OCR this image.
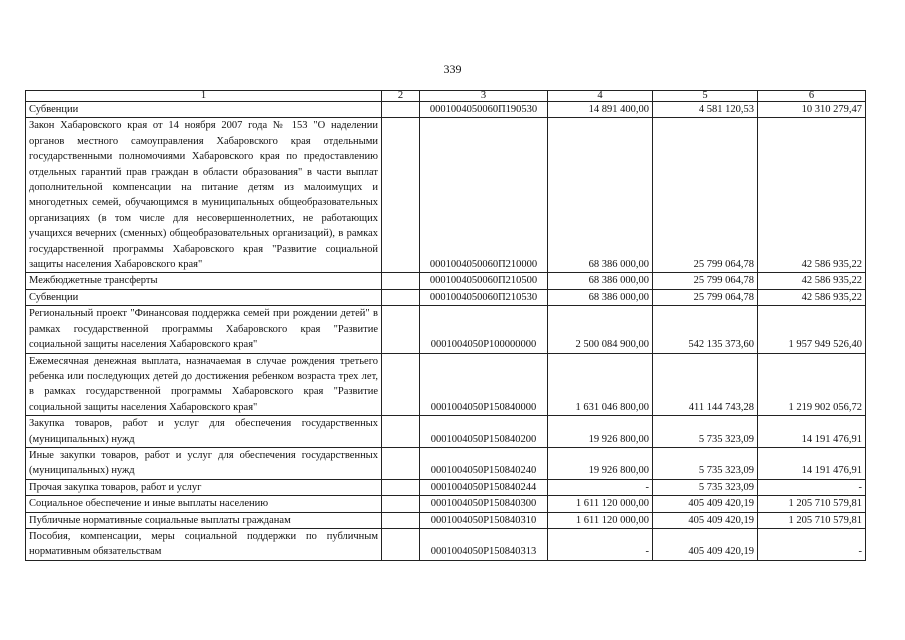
339
1	2	3	4	5	6
Субвенции		0001004050060П190530	14 891 400,00	4 581 120,53	10 310 279,47
Закон Хабаровского края от 14 ноября 2007 года № 153 "О наделении органов местного самоуправления Хабаровского края отдельными государственными полномочиями Хабаровского края по предоставлению отдельных гарантий прав граждан в области образования" в части выплат дополнительной компенсации на питание детям из малоимущих и многодетных семей, обучающимся в муниципальных общеобразовательных организациях (в том числе для несовершеннолетних, не работающих учащихся вечерних (сменных) общеобразовательных организаций), в рамках государственной программы Хабаровского края "Развитие социальной защиты населения Хабаровского края"		0001004050060П210000	68 386 000,00	25 799 064,78	42 586 935,22
Межбюджетные трансферты		0001004050060П210500	68 386 000,00	25 799 064,78	42 586 935,22
Субвенции		0001004050060П210530	68 386 000,00	25 799 064,78	42 586 935,22
Региональный проект "Финансовая поддержка семей при рождении детей" в рамках государственной программы Хабаровского края "Развитие социальной защиты населения Хабаровского края"		0001004050P100000000	2 500 084 900,00	542 135 373,60	1 957 949 526,40
Ежемесячная денежная выплата, назначаемая в случае рождения третьего ребенка или последующих детей до достижения ребенком возраста трех лет, в рамках государственной программы Хабаровского края "Развитие социальной защиты населения Хабаровского края"		0001004050P150840000	1 631 046 800,00	411 144 743,28	1 219 902 056,72
Закупка товаров, работ и услуг для обеспечения государственных (муниципальных) нужд		0001004050P150840200	19 926 800,00	5 735 323,09	14 191 476,91
Иные закупки товаров, работ и услуг для обеспечения государственных (муниципальных) нужд		0001004050P150840240	19 926 800,00	5 735 323,09	14 191 476,91
Прочая закупка товаров, работ и услуг		0001004050P150840244	-	5 735 323,09	-
Социальное обеспечение и иные выплаты населению		0001004050P150840300	1 611 120 000,00	405 409 420,19	1 205 710 579,81
Публичные нормативные социальные выплаты гражданам		0001004050P150840310	1 611 120 000,00	405 409 420,19	1 205 710 579,81
Пособия, компенсации, меры социальной поддержки по публичным нормативным обязательствам		0001004050P150840313	-	405 409 420,19	-
